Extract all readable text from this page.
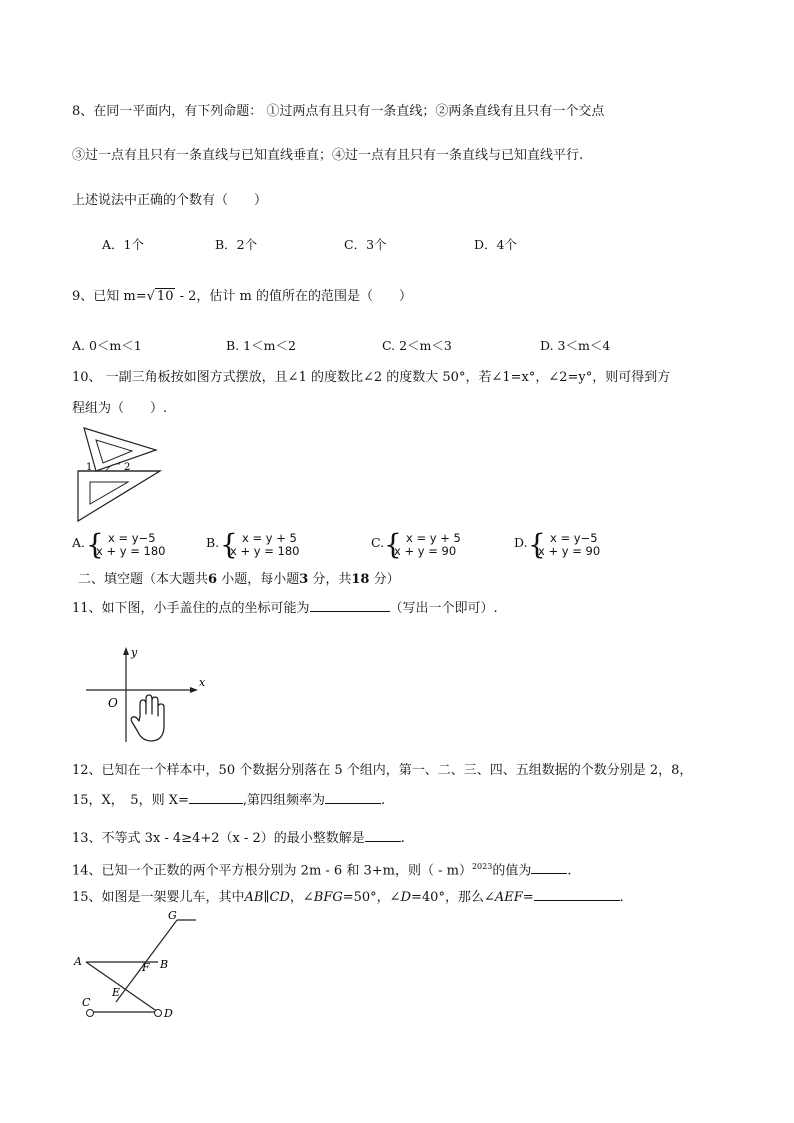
8、在同一平面内，有下列命题： ①过两点有且只有一条直线；②两条直线有且只有一个交点
③过一点有且只有一条直线与已知直线垂直；④过一点有且只有一条直线与已知直线平行.
上述说法中正确的个数有（　　）
A．1个	B．2个	C．3个	D．4个
9、已知 m=√ 10 - 2，估计 m 的值所在的范围是（　　）
A. 0＜m＜1	B. 1＜m＜2	C. 2＜m＜3	D. 3＜m＜4
10、 一副三角板按如图方式摆放，且∠1 的度数比∠2 的度数大 50°，若∠1=x°，∠2=y°，则可得到方
程组为（　　）.
1	2
A. { x = y−5
x + y = 180
B. { x = y + 5
x + y = 180
C. { x = y + 5
x + y = 90
D. { x = y−5
x + y = 90
二、填空题（本大题共6 小题，每小题3 分，共18 分）
11、如下图，小手盖住的点的坐标可能为	（写出一个即可）.
y
x
O
12、已知在一个样本中，50 个数据分别落在 5 个组内，第一、二、三、四、五组数据的个数分别是 2，8，
15，X，　5，则 X=	,第四组频率为	.
13、不等式 3x - 4≥4+2（x - 2）的最小整数解是	.
14、已知一个正数的两个平方根分别为 2m - 6 和 3+m，则（ - m）$^{2023}$的值为	.
15、如图是一架婴儿车，其中AB∥CD，∠BFG=50°，∠D=40°，那么∠AEF=	．
G
A	F B
E
C
D
